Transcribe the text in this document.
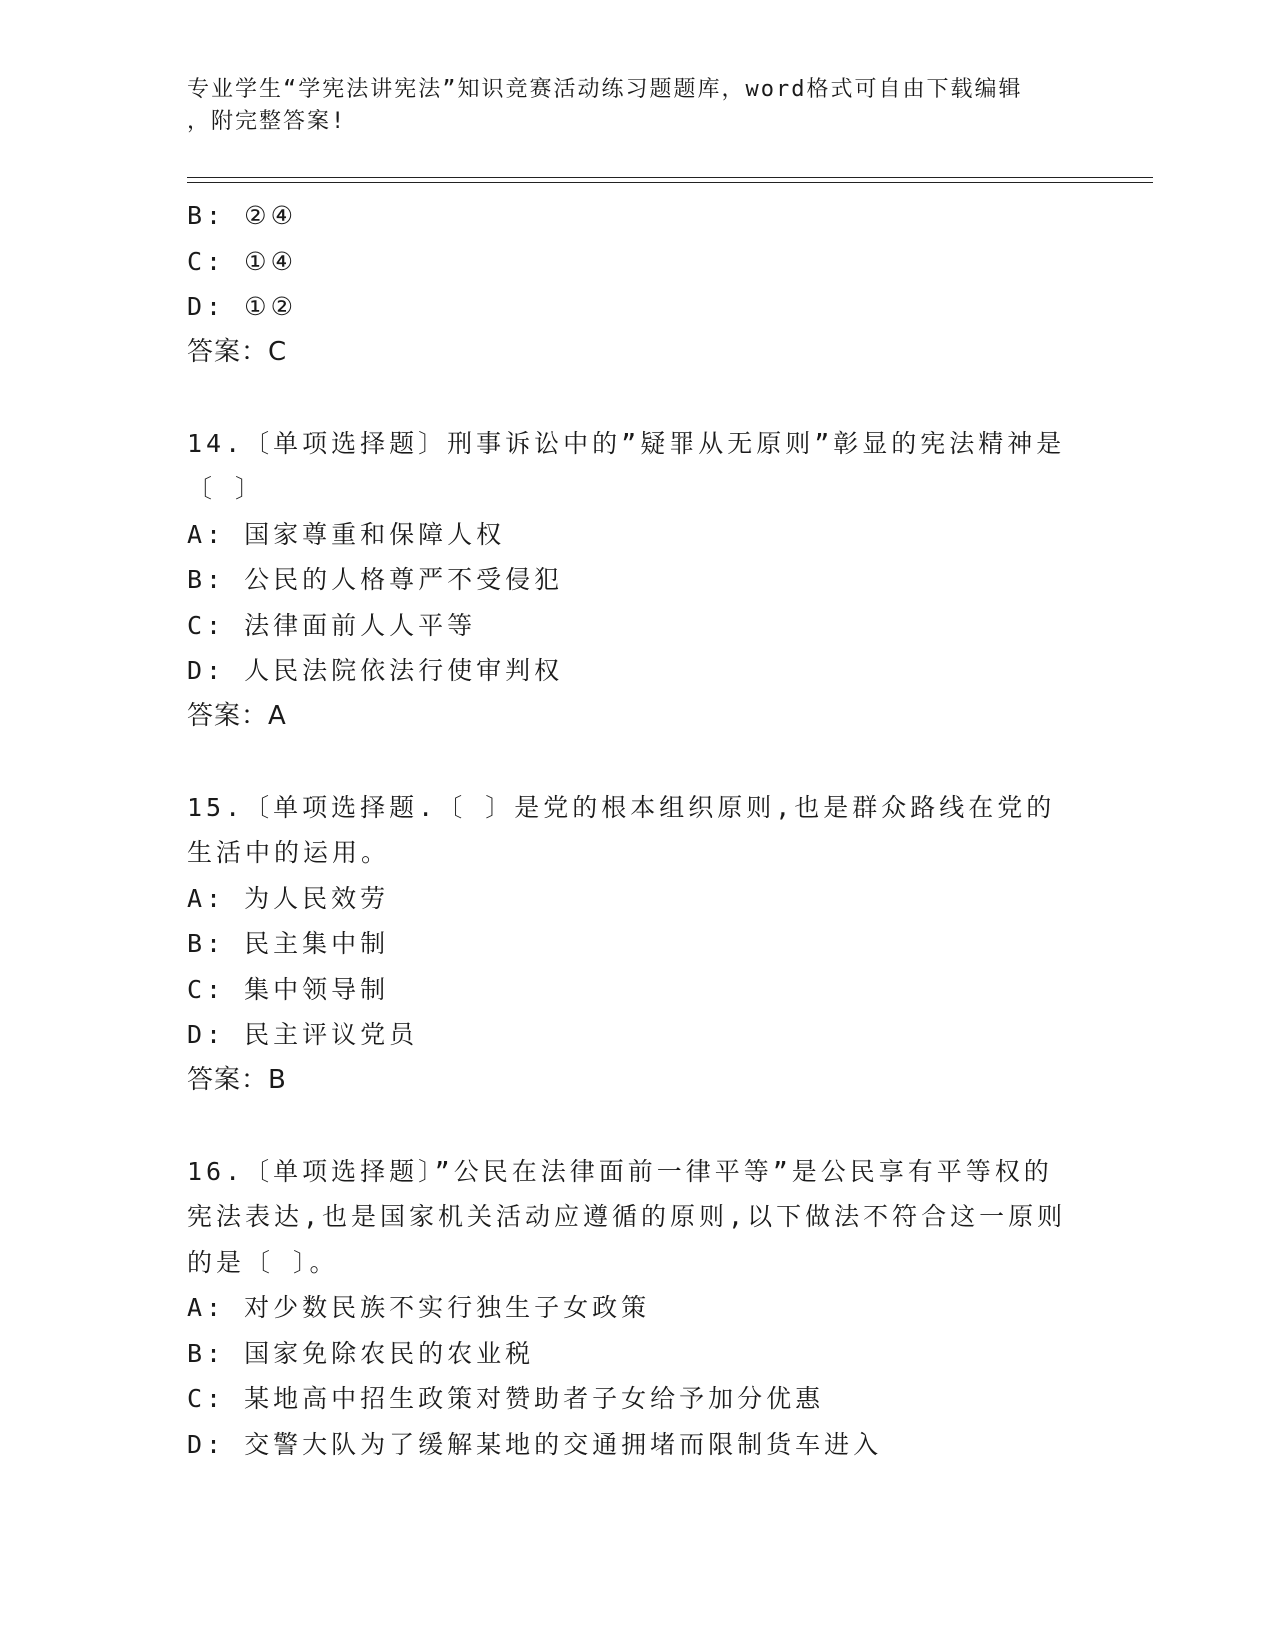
专业学生“学宪法讲宪法”知识竞赛活动练习题题库，word格式可自由下载编辑
，附完整答案!
B: ②④
C: ①④
D: ①②
答案：C
14.〔单项选择题〕刑事诉讼中的”疑罪从无原则”彰显的宪法精神是
〔 〕
A: 国家尊重和保障人权
B: 公民的人格尊严不受侵犯
C: 法律面前人人平等
D: 人民法院依法行使审判权
答案：A
15.〔单项选择题.〔 〕是党的根本组织原则,也是群众路线在党的
生活中的运用。
A: 为人民效劳
B: 民主集中制
C: 集中领导制
D: 民主评议党员
答案：B
16.〔单项选择题〕”公民在法律面前一律平等”是公民享有平等权的
宪法表达,也是国家机关活动应遵循的原则,以下做法不符合这一原则
的是〔 〕。
A: 对少数民族不实行独生子女政策
B: 国家免除农民的农业税
C: 某地高中招生政策对赞助者子女给予加分优惠
D: 交警大队为了缓解某地的交通拥堵而限制货车进入
